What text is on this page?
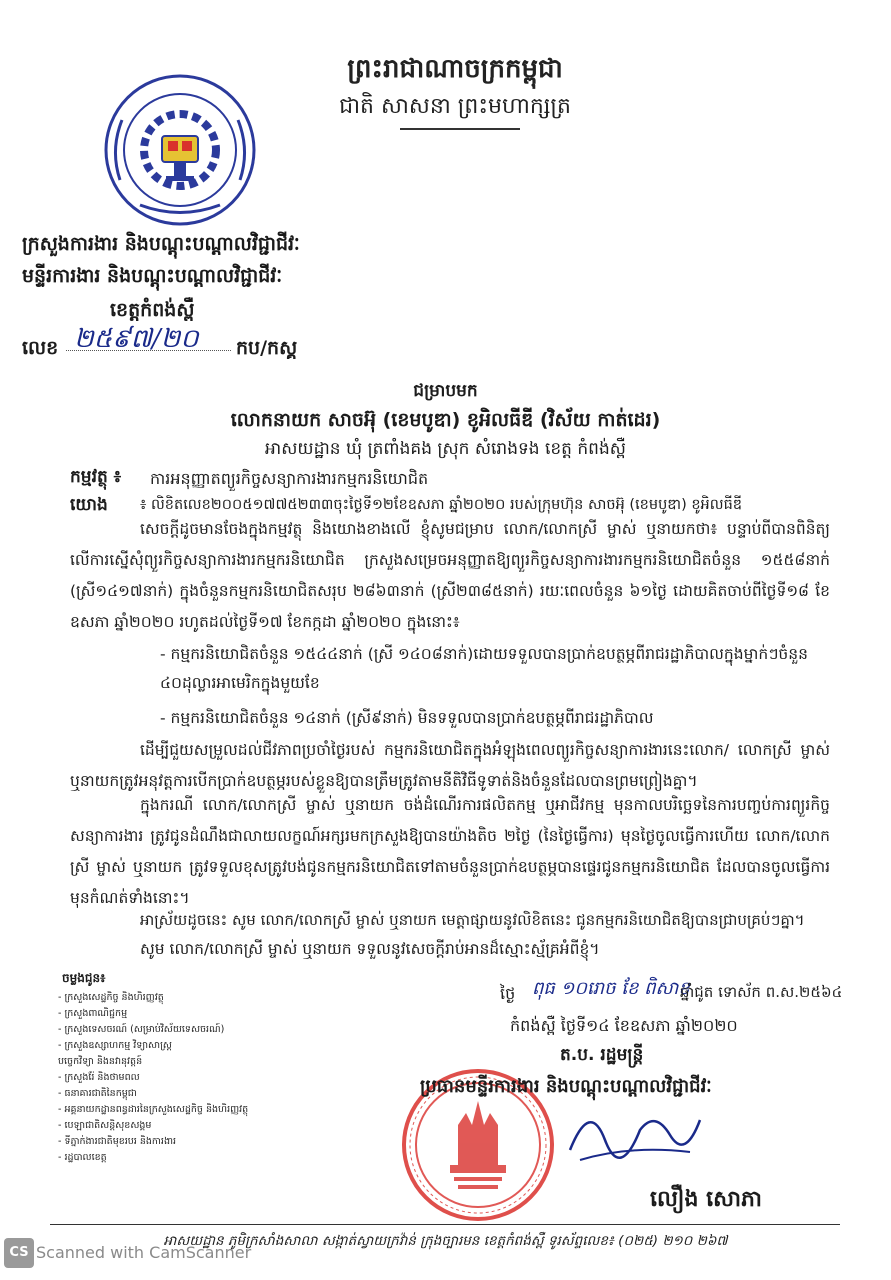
ព្រះរាជាណាចក្រកម្ពុជា
ជាតិ សាសនា ព្រះមហាក្សត្រ
ក្រសួងការងារ និងបណ្តុះបណ្តាលវិជ្ជាជីវៈ
មន្ទីរការងារ និងបណ្តុះបណ្តាលវិជ្ជាជីវៈ
ខេត្តកំពង់ស្ពឺ
លេខ ២៥៩៧/២០ កប/កស្គ
ជម្រាបមក
លោកនាយក សាចអ៊ុ (ខេមបូឌា) ខូអិលធីឌី (វិស័យ កាត់ដេរ)
អាសយដ្ឋាន ឃុំ ត្រពាំងគង ស្រុក សំរោងទង ខេត្ត កំពង់ស្ពឺ
កម្មវត្ថុ ៖ ការអនុញ្ញាតព្យួរកិច្ចសន្យាការងារកម្មករនិយោជិត
យោង ៖ លិខិតលេខ២០០៥១៧៧៥២៣៣ចុះថ្ងៃទី១២ខែឧសភា ឆ្នាំ២០២០ របស់ក្រុមហ៊ុន សាចអ៊ុ (ខេមបូឌា) ខូអិលធីឌី
សេចក្តីដូចមានចែងក្នុងកម្មវត្ថុ និងយោងខាងលើ ខ្ញុំសូមជម្រាប លោក/លោកស្រី ម្ចាស់ ឬនាយកថា៖ បន្ទាប់ពីបានពិនិត្យលើការស្នើសុំព្យួរកិច្ចសន្យាការងារកម្មករនិយោជិត ក្រសួងសម្រេចអនុញ្ញាតឱ្យព្យួរកិច្ចសន្យាការងារកម្មករនិយោជិតចំនួន ១៥៥៨នាក់ (ស្រី១៤១៧នាក់) ក្នុងចំនួនកម្មករនិយោជិតសរុប ២៨៦៣នាក់ (ស្រី២៣៨៥នាក់) រយៈពេលចំនួន ៦១ថ្ងៃ ដោយគិតចាប់ពីថ្ងៃទី១៨ ខែឧសភា ឆ្នាំ២០២០ រហូតដល់ថ្ងៃទី១៧ ខែកក្កដា ឆ្នាំ២០២០ ក្នុងនោះ៖
- កម្មករនិយោជិតចំនួន ១៥៤៤នាក់ (ស្រី ១៤០៨នាក់)ដោយទទួលបានប្រាក់ឧបត្ថម្ភពីរាជរដ្ឋាភិបាលក្នុងម្នាក់ៗចំនួន ៤០ដុល្លារអាមេរិកក្នុងមួយខែ
- កម្មករនិយោជិតចំនួន ១៤នាក់ (ស្រី៩នាក់) មិនទទួលបានប្រាក់ឧបត្ថម្ភពីរាជរដ្ឋាភិបាល
ដើម្បីជួយសម្រួលដល់ជីវភាពប្រចាំថ្ងៃរបស់ កម្មករនិយោជិតក្នុងអំឡុងពេលព្យួរកិច្ចសន្យាការងារនេះលោក/ លោកស្រី ម្ចាស់ ឬនាយកត្រូវអនុវត្តការបើកប្រាក់ឧបត្ថម្ភរបស់ខ្លួនឱ្យបានត្រឹមត្រូវតាមនីតិវិធីទូទាត់និងចំនួនដែលបានព្រមព្រៀងគ្នា។
ក្នុងករណី លោក/លោកស្រី ម្ចាស់ ឬនាយក ចង់ដំណើរការផលិតកម្ម ឬអាជីវកម្ម មុនកាលបរិច្ឆេទនៃការបញ្ចប់ការព្យួរកិច្ចសន្យាការងារ ត្រូវជូនដំណឹងជាលាយលក្ខណ៍អក្សរមកក្រសួងឱ្យបានយ៉ាងតិច ២ថ្ងៃ (នៃថ្ងៃធ្វើការ) មុនថ្ងៃចូលធ្វើការហើយ លោក/លោកស្រី ម្ចាស់ ឬនាយក ត្រូវទទួលខុសត្រូវបង់ជូនកម្មករនិយោជិតទៅតាមចំនួនប្រាក់ឧបត្ថម្ភបានផ្ទេរជូនកម្មករនិយោជិត ដែលបានចូលធ្វើការមុនកំណត់ទាំងនោះ។
អាស្រ័យដូចនេះ សូម លោក/លោកស្រី ម្ចាស់ ឬនាយក មេត្តាផ្សាយនូវលិខិតនេះ ជូនកម្មករនិយោជិតឱ្យបានជ្រាបគ្រប់ៗគ្នា។
សូម លោក/លោកស្រី ម្ចាស់ ឬនាយក ទទួលនូវសេចក្តីរាប់អានដ៏ស្មោះស្ម័គ្រអំពីខ្ញុំ។
ចម្លងជូន៖
- ក្រសួងសេដ្ឋកិច្ច និងហិរញ្ញវត្ថុ
- ក្រសួងពាណិជ្ជកម្ម
- ក្រសួងទេសចរណ៍ (សម្រាប់វិស័យទេសចរណ៍)
- ក្រសួងឧស្សាហកម្ម វិទ្យាសាស្ត្រ
បច្ចេកវិទ្យា និងនវានុវត្តន៍
- ក្រសួងរ៉ែ និងថាមពល
- ធនាគារជាតិនៃកម្ពុជា
- អគ្គនាយកដ្ឋានពន្ធដារនៃក្រសួងសេដ្ឋកិច្ច និងហិរញ្ញវត្ថុ
- បេឡាជាតិសន្តិសុខសង្គម
- ទីភ្នាក់ងារជាតិមុខរបរ និងការងារ
- រដ្ឋបាលខេត្ត
ថ្ងៃ ពុធ ១០រោច ខែ ពិសាខ
ឆ្នាំជូត ទោស័ក ព.ស.២៥៦៤
កំពង់ស្ពឺ ថ្ងៃទី១៤ ខែឧសភា ឆ្នាំ២០២០
ត.ប. រដ្ឋមន្ត្រី
ប្រធានមន្ទីរការងារ និងបណ្តុះបណ្តាលវិជ្ជាជីវៈ
លឿង សោភា
អាសយដ្ឋាន ភូមិក្រសាំងសាលា សង្កាត់ស្វាយក្រវ៉ាន់ ក្រុងច្បារមន ខេត្តកំពង់ស្ពឺ ទូរស័ព្ទលេខ៖ (០២៥) ២១០ ២៦៧
CS Scanned with CamScanner
